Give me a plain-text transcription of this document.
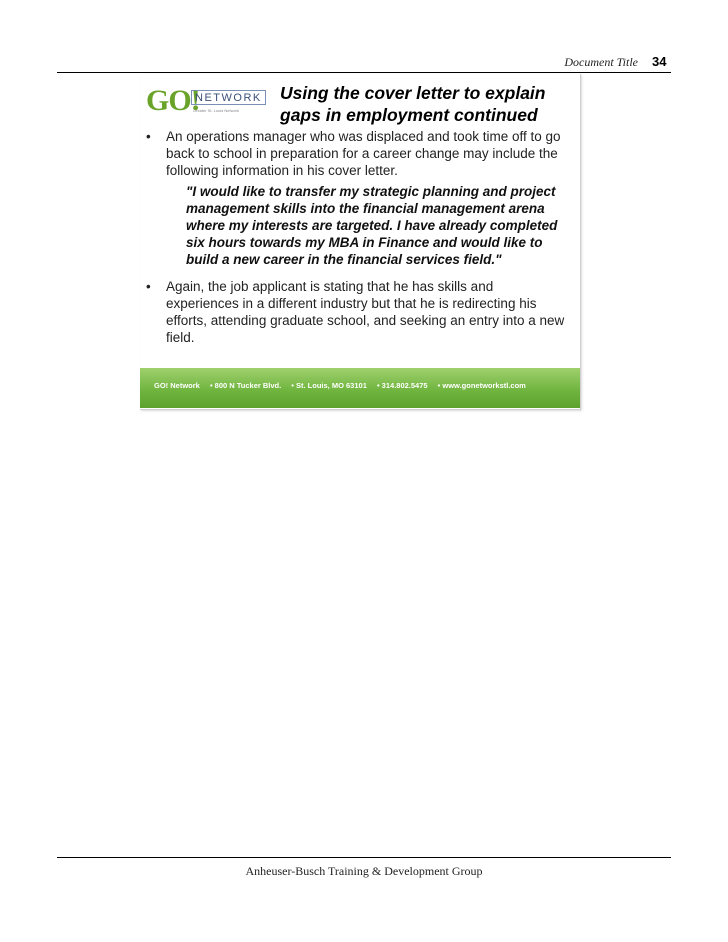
Document Title 34
GO!
NETWORK
Greater St. Louis Network
Using the cover letter to explain gaps in employment continued
• An operations manager who was displaced and took time off to go back to school in preparation for a career change may include the following information in his cover letter.
"I would like to transfer my strategic planning and project management skills into the financial management arena where my interests are targeted. I have already completed six hours towards my MBA in Finance and would like to build a new career in the financial services field."
• Again, the job applicant is stating that he has skills and experiences in a different industry but that he is redirecting his efforts, attending graduate school, and seeking an entry into a new field.
GO! Network • 800 N Tucker Blvd. • St. Louis, MO 63101 • 314.802.5475 • www.gonetworkstl.com
Anheuser-Busch Training & Development Group
